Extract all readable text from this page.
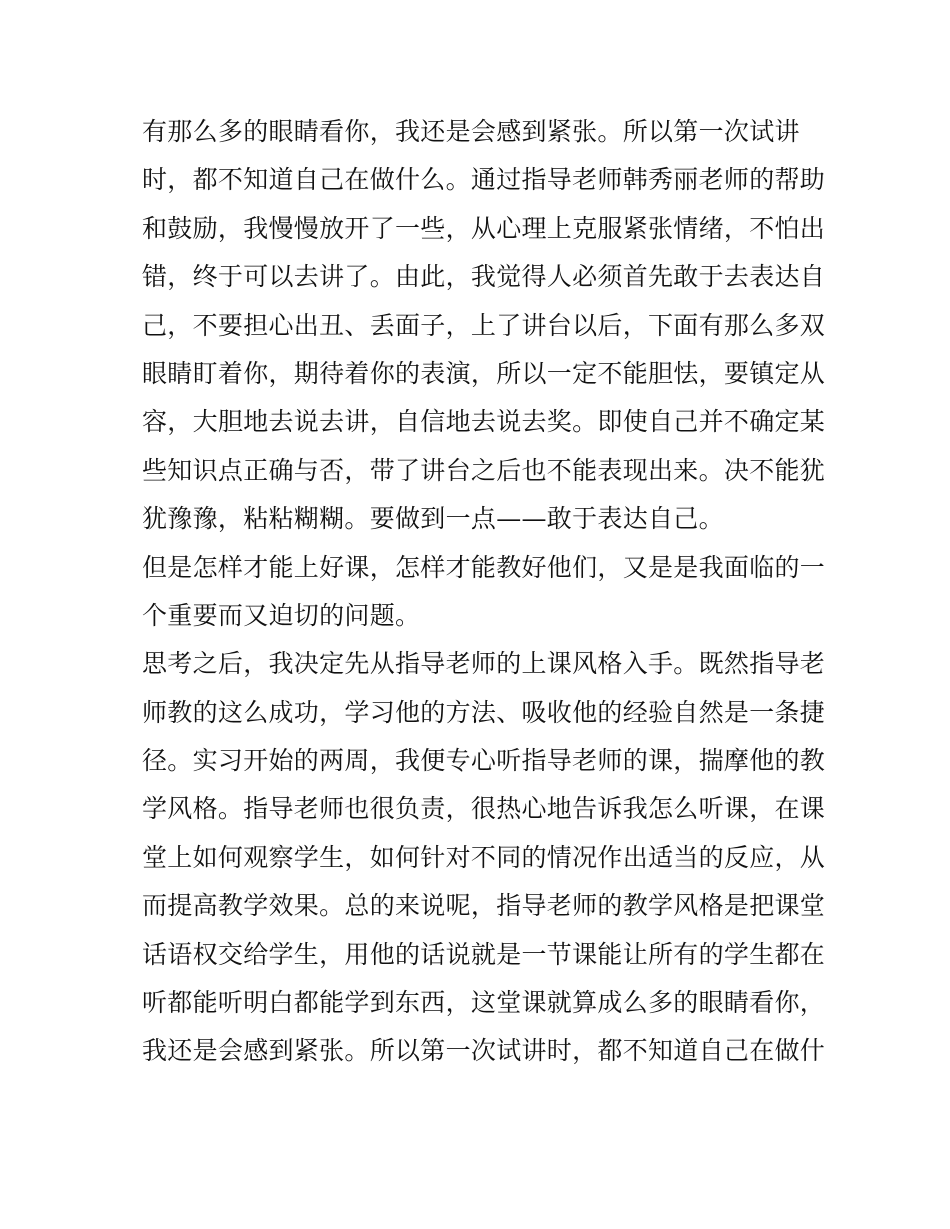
有那么多的眼睛看你，我还是会感到紧张。所以第一次试讲
时，都不知道自己在做什么。通过指导老师韩秀丽老师的帮助
和鼓励，我慢慢放开了一些，从心理上克服紧张情绪，不怕出
错，终于可以去讲了。由此，我觉得人必须首先敢于去表达自
己，不要担心出丑、丢面子，上了讲台以后，下面有那么多双
眼睛盯着你，期待着你的表演，所以一定不能胆怯，要镇定从
容，大胆地去说去讲，自信地去说去奖。即使自己并不确定某
些知识点正确与否，带了讲台之后也不能表现出来。决不能犹
犹豫豫，粘粘糊糊。要做到一点——敢于表达自己。
但是怎样才能上好课，怎样才能教好他们，又是是我面临的一
个重要而又迫切的问题。
思考之后，我决定先从指导老师的上课风格入手。既然指导老
师教的这么成功，学习他的方法、吸收他的经验自然是一条捷
径。实习开始的两周，我便专心听指导老师的课，揣摩他的教
学风格。指导老师也很负责，很热心地告诉我怎么听课，在课
堂上如何观察学生，如何针对不同的情况作出适当的反应，从
而提高教学效果。总的来说呢，指导老师的教学风格是把课堂
话语权交给学生，用他的话说就是一节课能让所有的学生都在
听都能听明白都能学到东西，这堂课就算成么多的眼睛看你，
我还是会感到紧张。所以第一次试讲时，都不知道自己在做什
